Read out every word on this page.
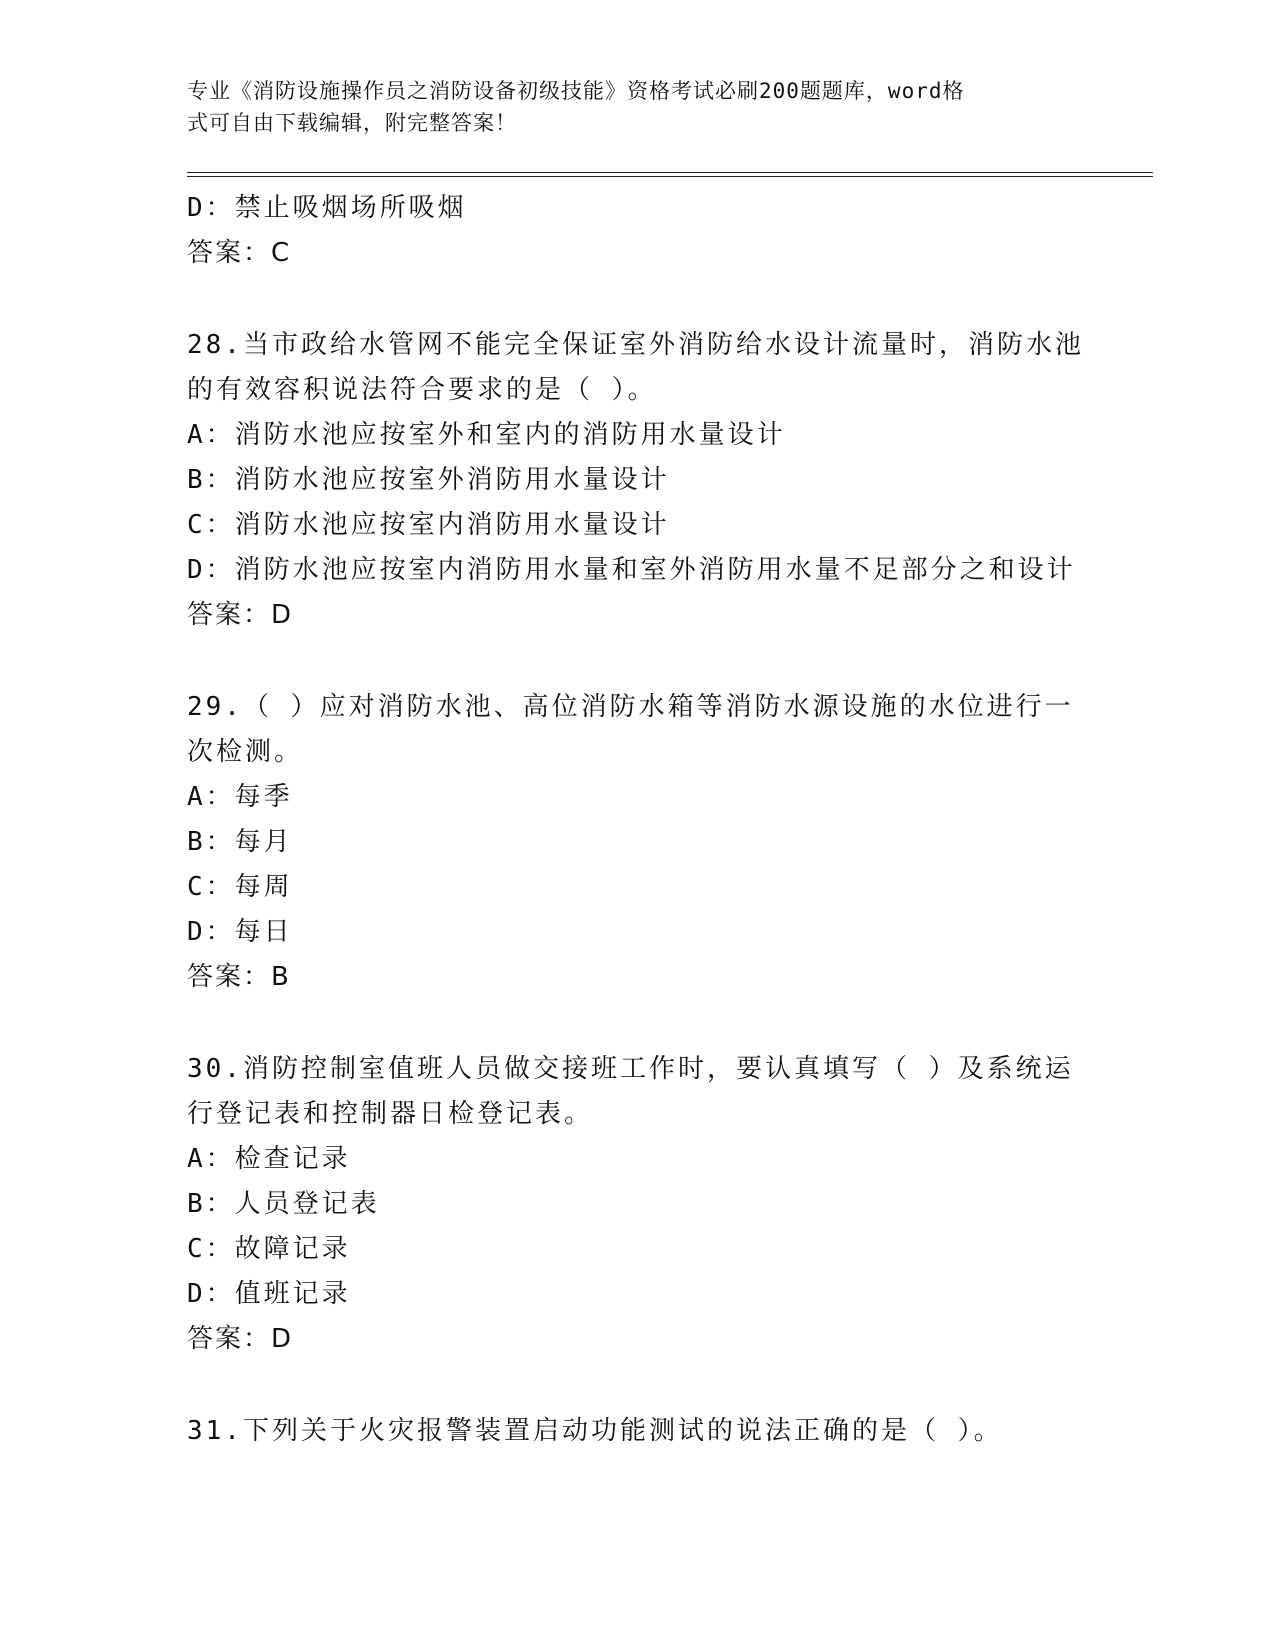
专业《消防设施操作员之消防设备初级技能》资格考试必刷200题题库，word格
式可自由下载编辑，附完整答案！
D：禁止吸烟场所吸烟
答案：C
28.当市政给水管网不能完全保证室外消防给水设计流量时，消防水池
的有效容积说法符合要求的是（ ）。
A：消防水池应按室外和室内的消防用水量设计
B：消防水池应按室外消防用水量设计
C：消防水池应按室内消防用水量设计
D：消防水池应按室内消防用水量和室外消防用水量不足部分之和设计
答案：D
29.（ ）应对消防水池、高位消防水箱等消防水源设施的水位进行一
次检测。
A：每季
B：每月
C：每周
D：每日
答案：B
30.消防控制室值班人员做交接班工作时，要认真填写（ ）及系统运
行登记表和控制器日检登记表。
A：检查记录
B：人员登记表
C：故障记录
D：值班记录
答案：D
31.下列关于火灾报警装置启动功能测试的说法正确的是（ ）。
